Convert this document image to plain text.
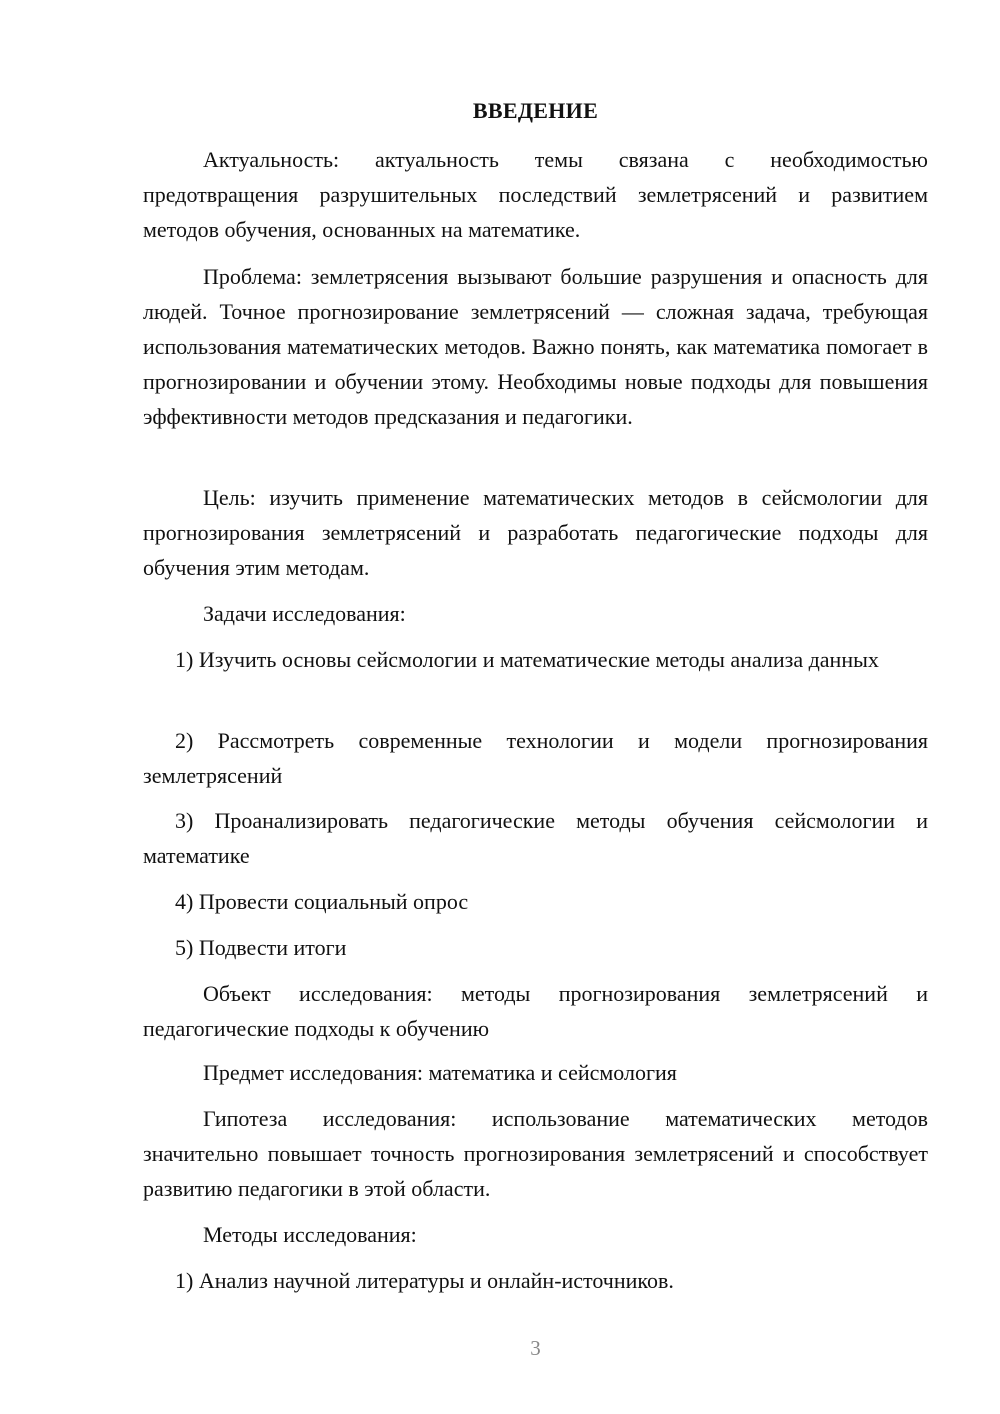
ВВЕДЕНИЕ

Актуальность: актуальность темы связана с необходимостью предотвращения разрушительных последствий землетрясений и развитием методов обучения, основанных на математике.

Проблема: землетрясения вызывают большие разрушения и опасность для людей. Точное прогнозирование землетрясений — сложная задача, требующая использования математических методов. Важно понять, как математика помогает в прогнозировании и обучении этому. Необходимы новые подходы для повышения эффективности методов предсказания и педагогики.

Цель: изучить применение математических методов в сейсмологии для прогнозирования землетрясений и разработать педагогические подходы для обучения этим методам.

Задачи исследования:

1) Изучить основы сейсмологии и математические методы анализа данных

2) Рассмотреть современные технологии и модели прогнозирования землетрясений

3) Проанализировать педагогические методы обучения сейсмологии и математике

4) Провести социальный опрос

5) Подвести итоги

Объект исследования: методы прогнозирования землетрясений и педагогические подходы к обучению

Предмет исследования: математика и сейсмология

Гипотеза исследования: использование математических методов значительно повышает точность прогнозирования землетрясений и способствует развитию педагогики в этой области.

Методы исследования:

1) Анализ научной литературы и онлайн-источников.

3
